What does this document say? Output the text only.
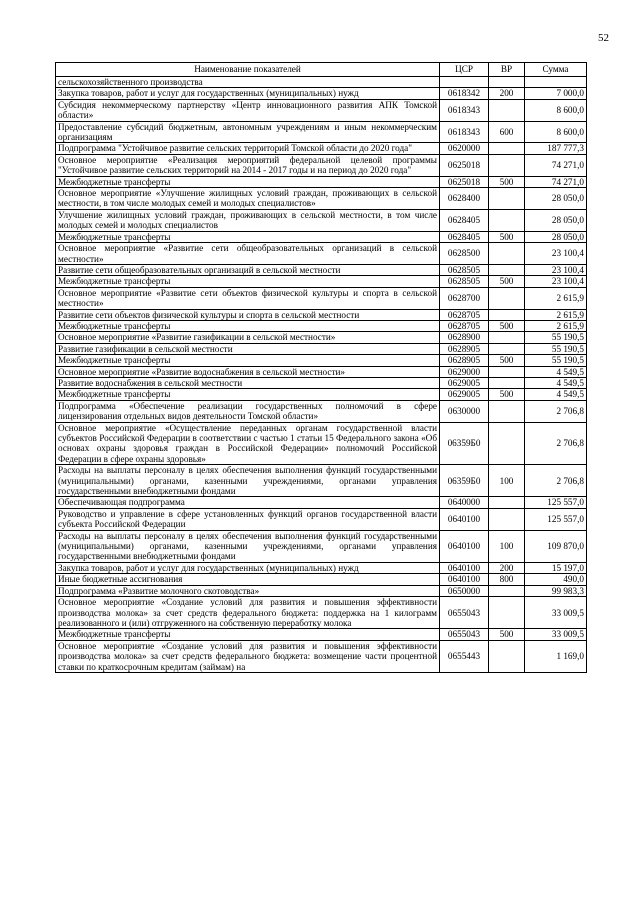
52
Наименование показателей	ЦСР	ВР	Сумма
сельскохозяйственного производства			
Закупка товаров, работ и услуг для государственных (муниципальных) нужд	0618342	200	7 000,0
Субсидия некоммерческому партнерству «Центр инновационного развития АПК Томской области»	0618343		8 600,0
Предоставление субсидий бюджетным, автономным учреждениям и иным некоммерческим организациям	0618343	600	8 600,0
Подпрограмма "Устойчивое развитие сельских территорий Томской области до 2020 года"	0620000		187 777,3
Основное мероприятие «Реализация мероприятий федеральной целевой программы "Устойчивое развитие сельских территорий на 2014 - 2017 годы и на период до 2020 года"	0625018		74 271,0
Межбюджетные трансферты	0625018	500	74 271,0
Основное мероприятие «Улучшение жилищных условий граждан, проживающих в сельской местности, в том числе молодых семей и молодых специалистов»	0628400		28 050,0
Улучшение жилищных условий граждан, проживающих в сельской местности, в том числе молодых семей и молодых специалистов	0628405		28 050,0
Межбюджетные трансферты	0628405	500	28 050,0
Основное мероприятие «Развитие сети общеобразовательных организаций в сельской местности»	0628500		23 100,4
Развитие сети общеобразовательных организаций в сельской местности	0628505		23 100,4
Межбюджетные трансферты	0628505	500	23 100,4
Основное мероприятие «Развитие сети объектов физической культуры и спорта в сельской местности»	0628700		2 615,9
Развитие сети объектов физической культуры и спорта в сельской местности	0628705		2 615,9
Межбюджетные трансферты	0628705	500	2 615,9
Основное мероприятие «Развитие газификации в сельской местности»	0628900		55 190,5
Развитие газификации в сельской местности	0628905		55 190,5
Межбюджетные трансферты	0628905	500	55 190,5
Основное мероприятие «Развитие водоснабжения в сельской местности»	0629000		4 549,5
Развитие водоснабжения в сельской местности	0629005		4 549,5
Межбюджетные трансферты	0629005	500	4 549,5
Подпрограмма «Обеспечение реализации государственных полномочий в сфере лицензирования отдельных видов деятельности Томской области»	0630000		2 706,8
Основное мероприятие «Осуществление переданных органам государственной власти субъектов Российской Федерации в соответствии с частью 1 статьи 15 Федерального закона «Об основах охраны здоровья граждан в Российской Федерации» полномочий Российской Федерации в сфере охраны здоровья»	06359Б0		2 706,8
Расходы на выплаты персоналу в целях обеспечения выполнения функций государственными (муниципальными) органами, казенными учреждениями, органами управления государственными внебюджетными фондами	06359Б0	100	2 706,8
Обеспечивающая подпрограмма	0640000		125 557,0
Руководство и управление в сфере установленных функций органов государственной власти субъекта Российской Федерации	0640100		125 557,0
Расходы на выплаты персоналу в целях обеспечения выполнения функций государственными (муниципальными) органами, казенными учреждениями, органами управления государственными внебюджетными фондами	0640100	100	109 870,0
Закупка товаров, работ и услуг для государственных (муниципальных) нужд	0640100	200	15 197,0
Иные бюджетные ассигнования	0640100	800	490,0
Подпрограмма «Развитие молочного скотоводства»	0650000		99 983,3
Основное мероприятие «Создание условий для развития и повышения эффективности производства молока» за счет средств федерального бюджета: поддержка на 1 килограмм реализованного и (или) отгруженного на собственную переработку молока	0655043		33 009,5
Межбюджетные трансферты	0655043	500	33 009,5
Основное мероприятие «Создание условий для развития и повышения эффективности производства молока» за счет средств федерального бюджета: возмещение части процентной ставки по краткосрочным кредитам (займам) на	0655443		1 169,0
